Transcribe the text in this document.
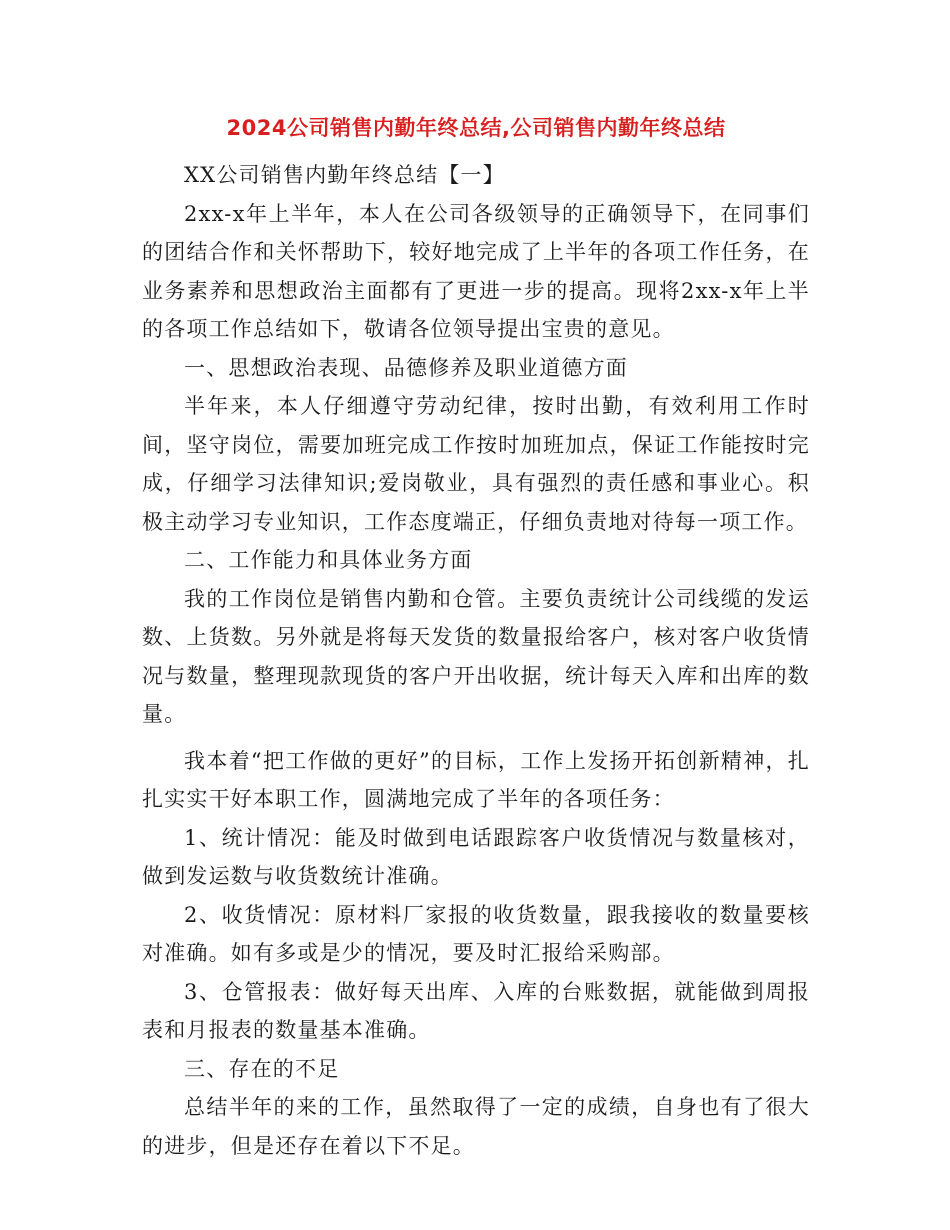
2024公司销售内勤年终总结,公司销售内勤年终总结

XX公司销售内勤年终总结【一】

2xx-x年上半年，本人在公司各级领导的正确领导下，在同事们的团结合作和关怀帮助下，较好地完成了上半年的各项工作任务，在业务素养和思想政治主面都有了更进一步的提高。现将2xx-x年上半的各项工作总结如下，敬请各位领导提出宝贵的意见。

一、思想政治表现、品德修养及职业道德方面

半年来，本人仔细遵守劳动纪律，按时出勤，有效利用工作时间，坚守岗位，需要加班完成工作按时加班加点，保证工作能按时完成，仔细学习法律知识;爱岗敬业，具有强烈的责任感和事业心。积极主动学习专业知识，工作态度端正，仔细负责地对待每一项工作。

二、工作能力和具体业务方面

我的工作岗位是销售内勤和仓管。主要负责统计公司线缆的发运数、上货数。另外就是将每天发货的数量报给客户，核对客户收货情况与数量，整理现款现货的客户开出收据，统计每天入库和出库的数量。

我本着“把工作做的更好”的目标，工作上发扬开拓创新精神，扎扎实实干好本职工作，圆满地完成了半年的各项任务：

1、统计情况：能及时做到电话跟踪客户收货情况与数量核对，做到发运数与收货数统计准确。

2、收货情况：原材料厂家报的收货数量，跟我接收的数量要核对准确。如有多或是少的情况，要及时汇报给采购部。

3、仓管报表：做好每天出库、入库的台账数据，就能做到周报表和月报表的数量基本准确。

三、存在的不足

总结半年的来的工作，虽然取得了一定的成绩，自身也有了很大的进步，但是还存在着以下不足。
